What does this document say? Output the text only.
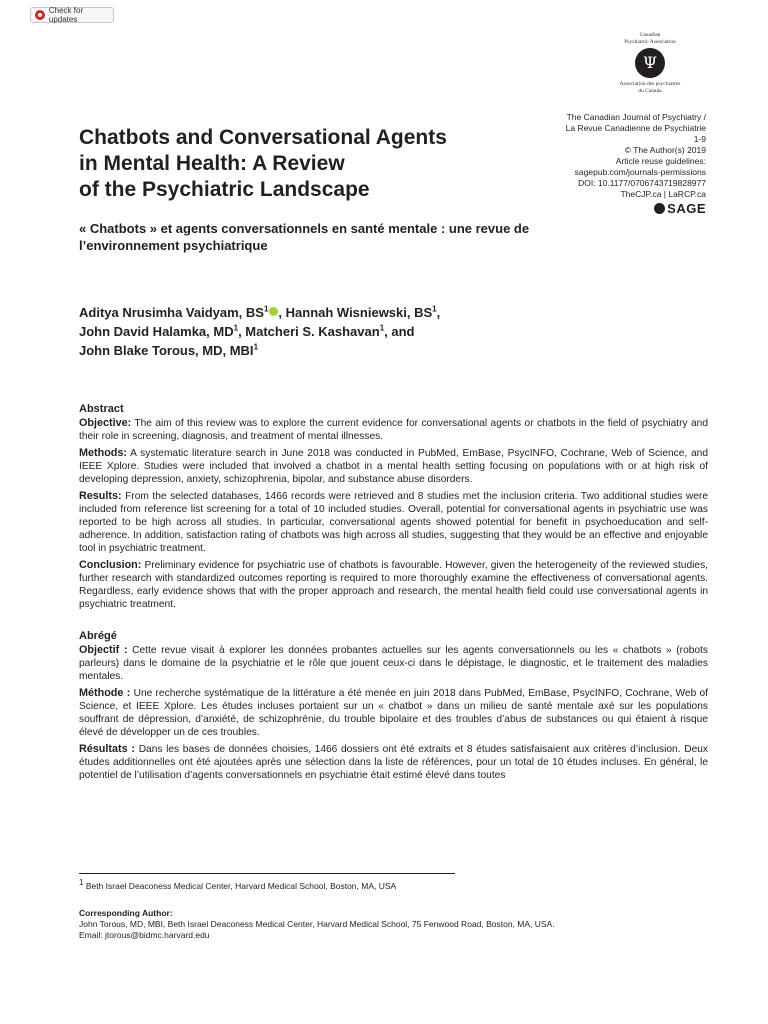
Check for updates
Canadian
Psychiatric Association
Ψ
Association des psychiatres
du Canada
The Canadian Journal of Psychiatry /
La Revue Canadienne de Psychiatrie
1-9
© The Author(s) 2019
Article reuse guidelines:
sagepub.com/journals-permissions
DOI: 10.1177/0706743719828977
TheCJP.ca | LaRCP.ca
SAGE
Chatbots and Conversational Agents
in Mental Health: A Review
of the Psychiatric Landscape
« Chatbots » et agents conversationnels en santé mentale : une revue de l’environnement psychiatrique
Aditya Nrusimha Vaidyam, $BS^1$ , Hannah Wisniewski, $BS^1$,
John David Halamka, $MD^1$, Matcheri S. Kashavan$^1$, and
John Blake Torous, MD, MBI$^1$
Abstract

Objective: The aim of this review was to explore the current evidence for conversational agents or chatbots in the field of psychiatry and their role in screening, diagnosis, and treatment of mental illnesses.

Methods: A systematic literature search in June 2018 was conducted in PubMed, EmBase, PsycINFO, Cochrane, Web of Science, and IEEE Xplore. Studies were included that involved a chatbot in a mental health setting focusing on populations with or at high risk of developing depression, anxiety, schizophrenia, bipolar, and substance abuse disorders.

Results: From the selected databases, 1466 records were retrieved and 8 studies met the inclusion criteria. Two additional studies were included from reference list screening for a total of 10 included studies. Overall, potential for conversational agents in psychiatric use was reported to be high across all studies. In particular, conversational agents showed potential for benefit in psychoeducation and self-adherence. In addition, satisfaction rating of chatbots was high across all studies, suggesting that they would be an effective and enjoyable tool in psychiatric treatment.

Conclusion: Preliminary evidence for psychiatric use of chatbots is favourable. However, given the heterogeneity of the reviewed studies, further research with standardized outcomes reporting is required to more thoroughly examine the effectiveness of conversational agents. Regardless, early evidence shows that with the proper approach and research, the mental health field could use conversational agents in psychiatric treatment.

Abrégé

Objectif : Cette revue visait à explorer les données probantes actuelles sur les agents conversationnels ou les « chatbots » (robots parleurs) dans le domaine de la psychiatrie et le rôle que jouent ceux-ci dans le dépistage, le diagnostic, et le traitement des maladies mentales.

Méthode : Une recherche systématique de la littérature a été menée en juin 2018 dans PubMed, EmBase, PsycINFO, Cochrane, Web of Science, et IEEE Xplore. Les études incluses portaient sur un « chatbot » dans un milieu de santé mentale axé sur les populations souffrant de dépression, d’anxiété, de schizophrénie, du trouble bipolaire et des troubles d’abus de substances ou qui étaient à risque élevé de développer un de ces troubles.

Résultats : Dans les bases de données choisies, 1466 dossiers ont été extraits et 8 études satisfaisaient aux critères d’inclusion. Deux études additionnelles ont été ajoutées après une sélection dans la liste de références, pour un total de 10 études incluses. En général, le potentiel de l’utilisation d’agents conversationnels en psychiatrie était estimé élevé dans toutes

$^1$ Beth Israel Deaconess Medical Center, Harvard Medical School, Boston, MA, USA
Corresponding Author:
John Torous, MD, MBI, Beth Israel Deaconess Medical Center, Harvard Medical School, 75 Fenwood Road, Boston, MA, USA.
Email: jtorous@bidmc.harvard.edu
